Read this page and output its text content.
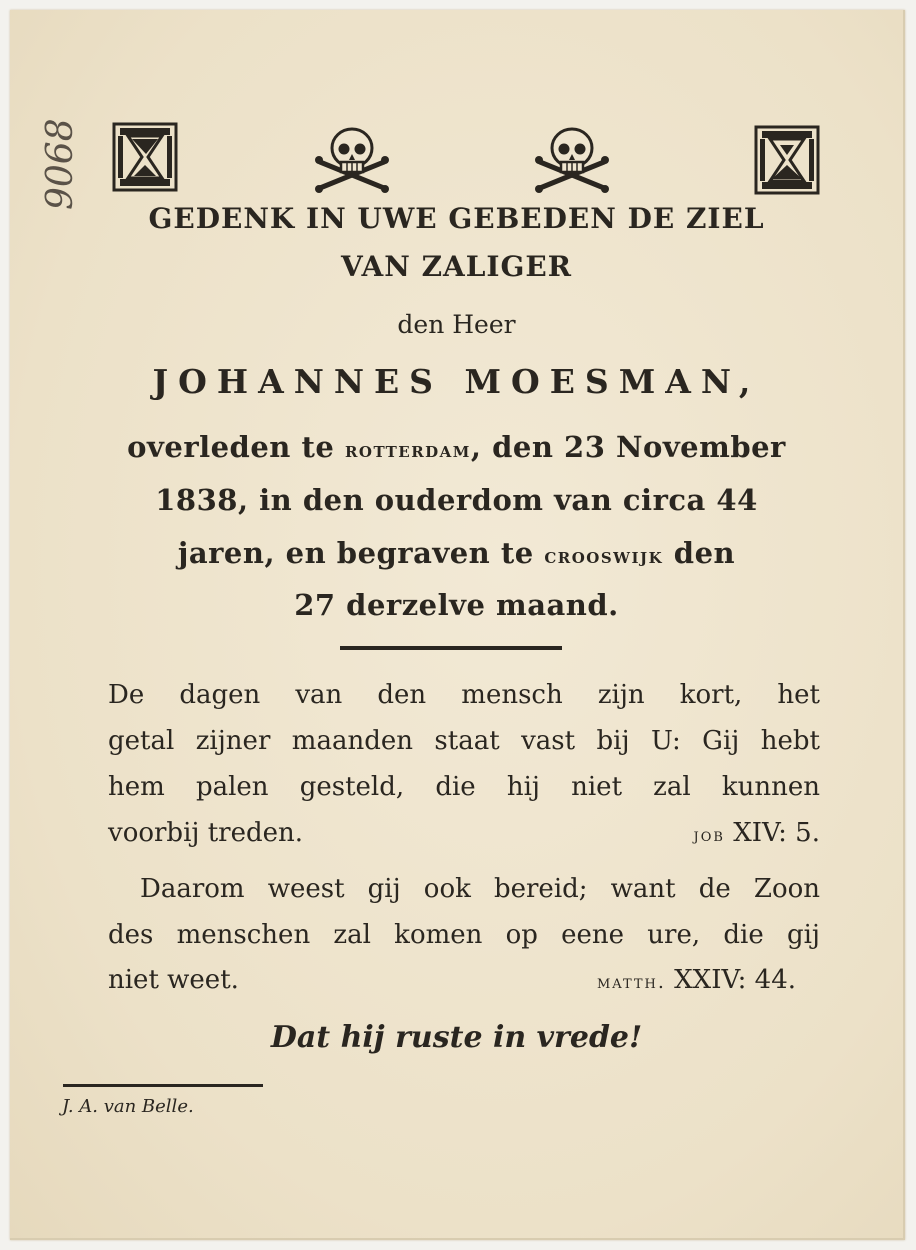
9068
GEDENK IN UWE GEBEDEN DE ZIEL
VAN ZALIGER
den Heer
JOHANNES MOESMAN,
overleden te rotterdam, den 23 November
1838, in den ouderdom van circa 44
jaren, en begraven te crooswijk den
27 derzelve maand.
De dagen van den mensch zijn kort, het
getal zijner maanden staat vast bij U: Gij hebt
hem palen gesteld, die hij niet zal kunnen
voorbij treden.	job XIV: 5.
Daarom weest gij ook bereid; want de Zoon
des menschen zal komen op eene ure, die gij
niet weet.	matth. XXIV: 44.
Dat hij ruste in vrede!
J. A. van Belle.
